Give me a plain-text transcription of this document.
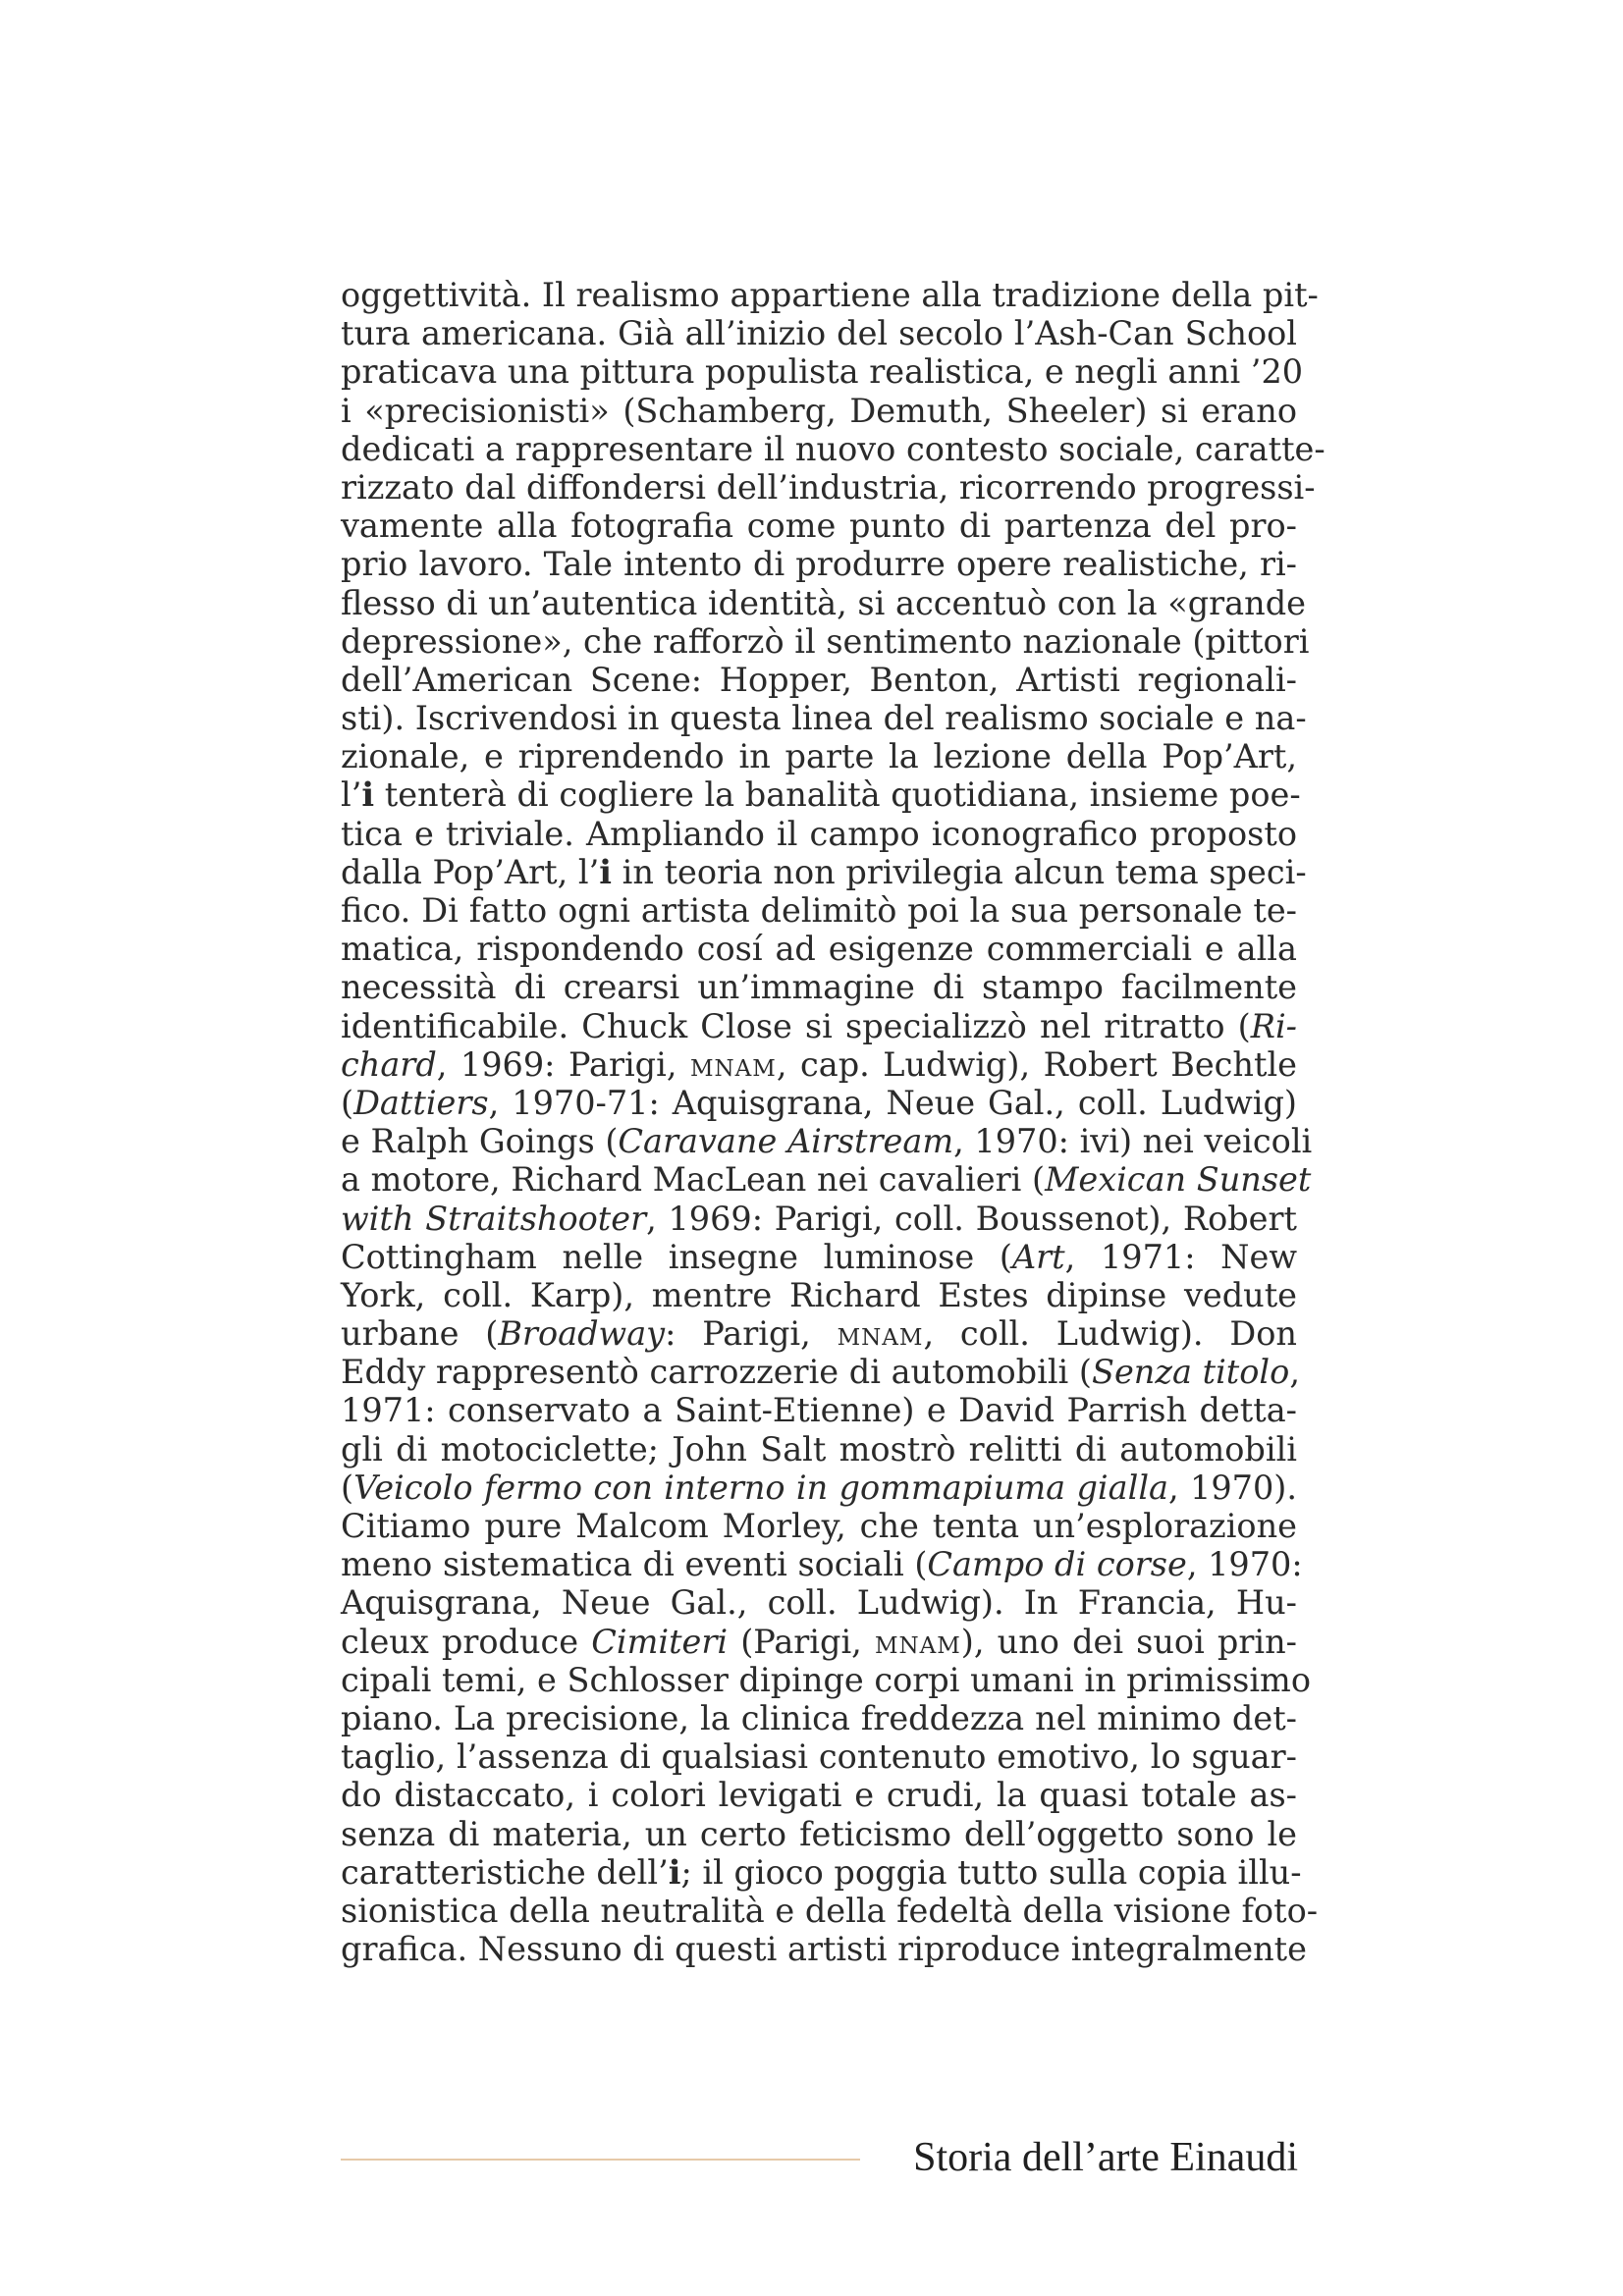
oggettività. Il realismo appartiene alla tradizione della pit-
tura americana. Già all’inizio del secolo l’Ash-Can School
praticava una pittura populista realistica, e negli anni ’20
i «precisionisti» (Schamberg, Demuth, Sheeler) si erano
dedicati a rappresentare il nuovo contesto sociale, caratte-
rizzato dal diffondersi dell’industria, ricorrendo progressi-
vamente alla fotografia come punto di partenza del pro-
prio lavoro. Tale intento di produrre opere realistiche, ri-
flesso di un’autentica identità, si accentuò con la «grande
depressione», che rafforzò il sentimento nazionale (pittori
dell’American Scene: Hopper, Benton, Artisti regionali-
sti). Iscrivendosi in questa linea del realismo sociale e na-
zionale, e riprendendo in parte la lezione della Pop’Art,
l’i tenterà di cogliere la banalità quotidiana, insieme poe-
tica e triviale. Ampliando il campo iconografico proposto
dalla Pop’Art, l’i in teoria non privilegia alcun tema speci-
fico. Di fatto ogni artista delimitò poi la sua personale te-
matica, rispondendo cosí ad esigenze commerciali e alla
necessità di crearsi un’immagine di stampo facilmente
identificabile. Chuck Close si specializzò nel ritratto (Ri-
chard, 1969: Parigi, mnam, cap. Ludwig), Robert Bechtle
(Dattiers, 1970-71: Aquisgrana, Neue Gal., coll. Ludwig)
e Ralph Goings (Caravane Airstream, 1970: ivi) nei veicoli
a motore, Richard MacLean nei cavalieri (Mexican Sunset
with Straitshooter, 1969: Parigi, coll. Boussenot), Robert
Cottingham nelle insegne luminose (Art, 1971: New
York, coll. Karp), mentre Richard Estes dipinse vedute
urbane (Broadway: Parigi, mnam, coll. Ludwig). Don
Eddy rappresentò carrozzerie di automobili (Senza titolo,
1971: conservato a Saint-Etienne) e David Parrish detta-
gli di motociclette; John Salt mostrò relitti di automobili
(Veicolo fermo con interno in gommapiuma gialla, 1970).
Citiamo pure Malcom Morley, che tenta un’esplorazione
meno sistematica di eventi sociali (Campo di corse, 1970:
Aquisgrana, Neue Gal., coll. Ludwig). In Francia, Hu-
cleux produce Cimiteri (Parigi, mnam), uno dei suoi prin-
cipali temi, e Schlosser dipinge corpi umani in primissimo
piano. La precisione, la clinica freddezza nel minimo det-
taglio, l’assenza di qualsiasi contenuto emotivo, lo sguar-
do distaccato, i colori levigati e crudi, la quasi totale as-
senza di materia, un certo feticismo dell’oggetto sono le
caratteristiche dell’i; il gioco poggia tutto sulla copia illu-
sionistica della neutralità e della fedeltà della visione foto-
grafica. Nessuno di questi artisti riproduce integralmente
Storia dell’arte Einaudi
